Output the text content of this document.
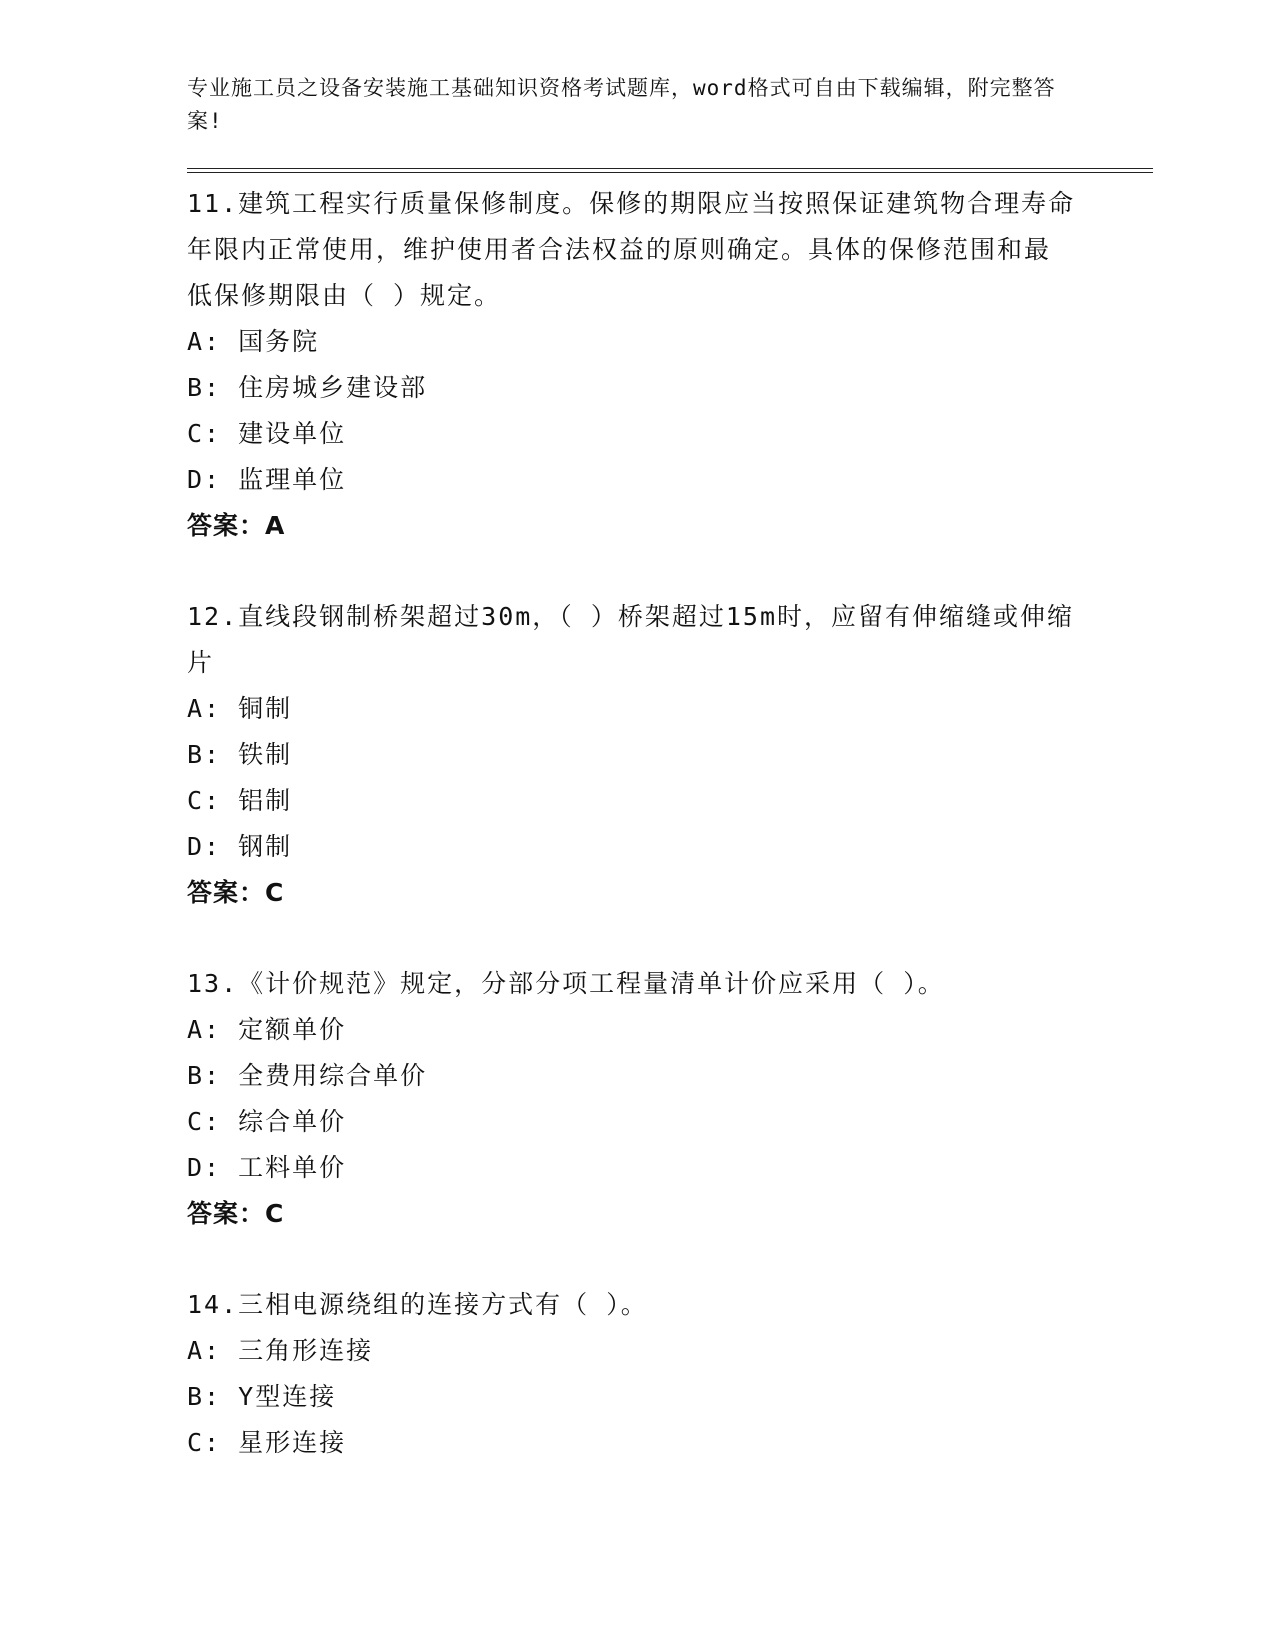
专业施工员之设备安装施工基础知识资格考试题库，word格式可自由下载编辑，附完整答案!

11.建筑工程实行质量保修制度。保修的期限应当按照保证建筑物合理寿命年限内正常使用，维护使用者合法权益的原则确定。具体的保修范围和最低保修期限由（ ）规定。

A: 国务院
B: 住房城乡建设部
C: 建设单位
D: 监理单位
答案：A

12.直线段钢制桥架超过30m，（ ）桥架超过15m时，应留有伸缩缝或伸缩片

A: 铜制
B: 铁制
C: 铝制
D: 钢制
答案：C

13.《计价规范》规定，分部分项工程量清单计价应采用（ ）。

A: 定额单价
B: 全费用综合单价
C: 综合单价
D: 工料单价
答案：C

14.三相电源绕组的连接方式有（ ）。

A: 三角形连接
B: Y型连接
C: 星形连接
